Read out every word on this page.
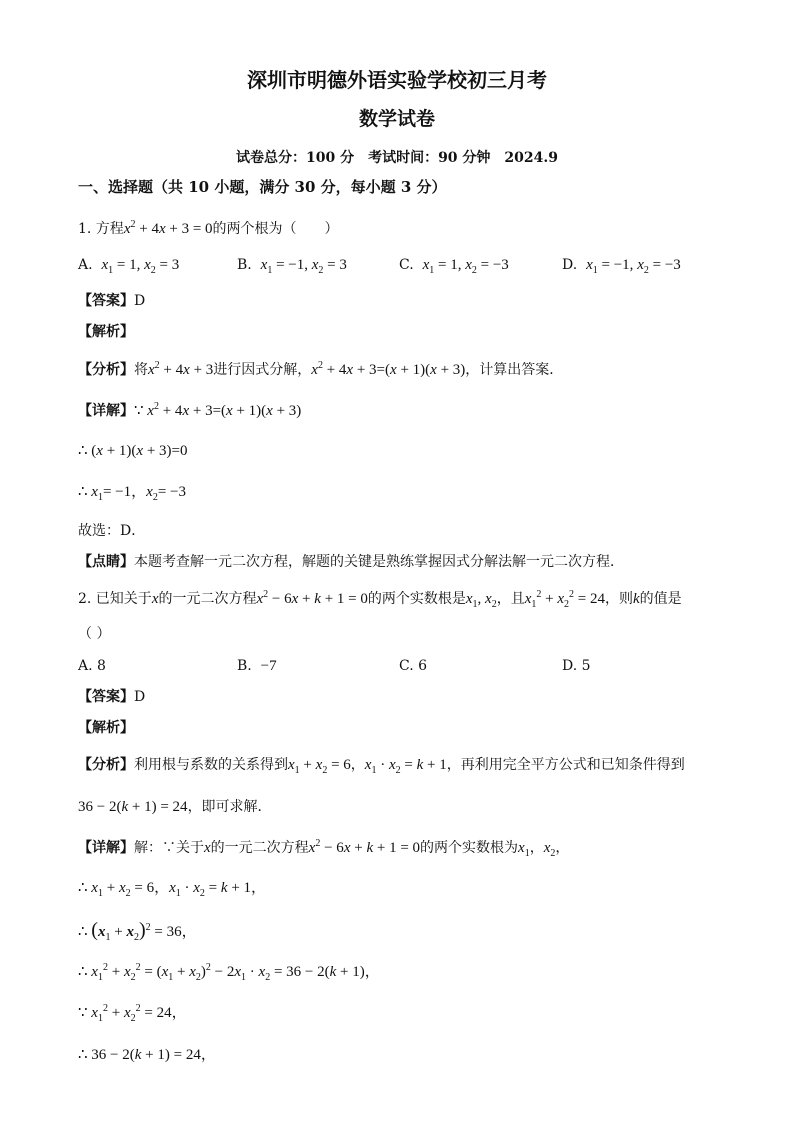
深圳市明德外语实验学校初三月考
数学试卷
试卷总分：100 分　考试时间：90 分钟　2024.9
一、选择题（共 10 小题，满分 30 分，每小题 3 分）
1. 方程$x^2 + 4x + 3 = 0$的两个根为（　　）
A. $x_1 = 1$, $x_2 = 3$	B. $x_1 = -1$, $x_2 = 3$	C. $x_1 = 1$, $x_2 = -3$	D. $x_1 = -1$, $x_2 = -3$
【答案】D
【解析】
【分析】将$x^2 + 4x + 3$进行因式分解，$x^2 + 4x + 3=(x + 1)(x + 3)$，计算出答案．
【详解】∵ $x^2 + 4x + 3=(x + 1)(x + 3)$
∴ (x + 1)(x + 3)=0
∴ $x_1= -1$，$x_2= -3$
故选：D．
【点睛】本题考查解一元二次方程，解题的关键是熟练掌握因式分解法解一元二次方程．
2. 已知关于x的一元二次方程$x^2 - 6x + k + 1 = 0$的两个实数根是$x_1$, $x_2$，且$x_1^2 + x_2^2 = 24$，则k的值是
（ ）
A. 8	B. −7	C. 6	D. 5
【答案】D
【解析】
【分析】利用根与系数的关系得到$x_1 + x_2 = 6$，$x_1 \cdot x_2 = k + 1$，再利用完全平方公式和已知条件得到
36 − 2(k + 1) = 24，即可求解．
【详解】解：∵关于x的一元二次方程$x^2 - 6x + k + 1 = 0$的两个实数根为$x_1$，$x_2$，
∴ $x_1 + x_2 = 6$，$x_1 \cdot x_2 = k + 1$，
∴ $(x_1 + x_2)^2 = 36$，
∴ $x_1^2 + x_2^2 = (x_1 + x_2)^2 - 2x_1 \cdot x_2 = 36 - 2(k + 1)$，
∵ $x_1^2 + x_2^2 = 24$，
∴ 36 − 2(k + 1) = 24，
